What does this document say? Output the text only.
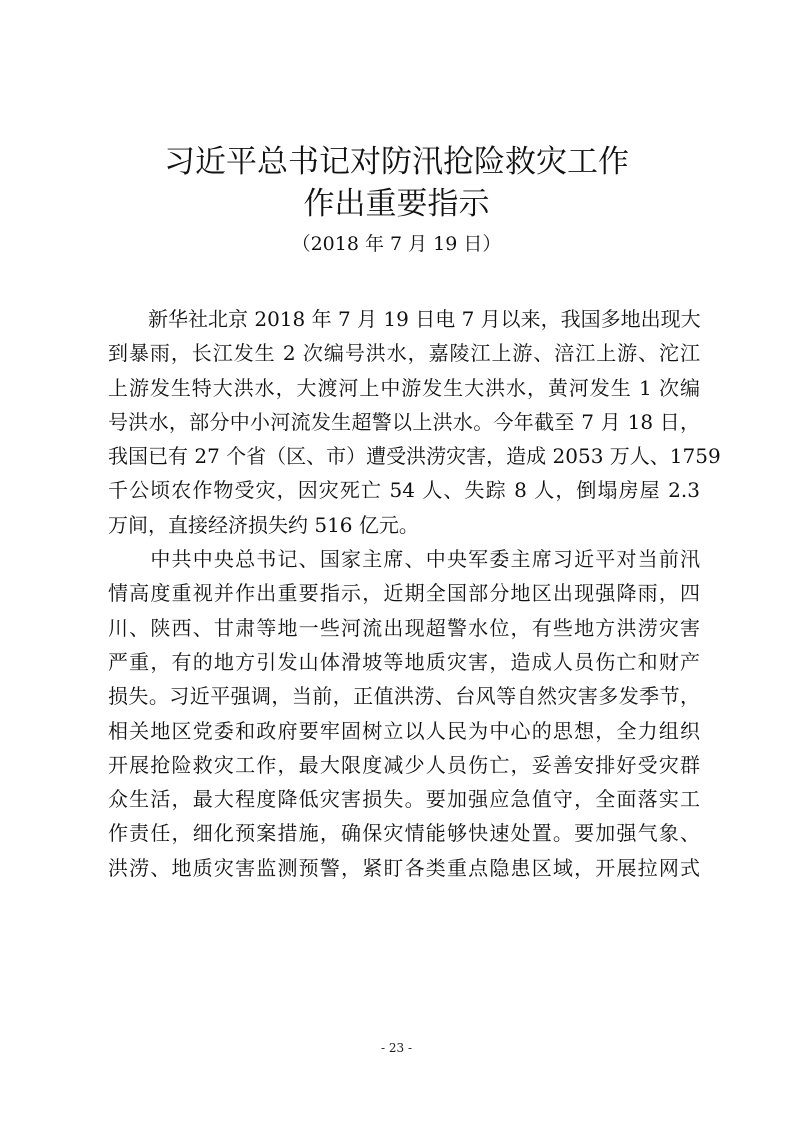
习近平总书记对防汛抢险救灾工作
作出重要指示
（2018 年 7 月 19 日）
　　新华社北京 2018 年 7 月 19 日电 7 月以来，我国多地出现大
到暴雨，长江发生 2 次编号洪水，嘉陵江上游、涪江上游、沱江
上游发生特大洪水，大渡河上中游发生大洪水，黄河发生 1 次编
号洪水，部分中小河流发生超警以上洪水。今年截至 7 月 18 日，
我国已有 27 个省（区、市）遭受洪涝灾害，造成 2053 万人、1759
千公顷农作物受灾，因灾死亡 54 人、失踪 8 人，倒塌房屋 2.3
万间，直接经济损失约 516 亿元。
　　中共中央总书记、国家主席、中央军委主席习近平对当前汛
情高度重视并作出重要指示，近期全国部分地区出现强降雨，四
川、陕西、甘肃等地一些河流出现超警水位，有些地方洪涝灾害
严重，有的地方引发山体滑坡等地质灾害，造成人员伤亡和财产
损失。习近平强调，当前，正值洪涝、台风等自然灾害多发季节，
相关地区党委和政府要牢固树立以人民为中心的思想，全力组织
开展抢险救灾工作，最大限度减少人员伤亡，妥善安排好受灾群
众生活，最大程度降低灾害损失。要加强应急值守，全面落实工
作责任，细化预案措施，确保灾情能够快速处置。要加强气象、
洪涝、地质灾害监测预警，紧盯各类重点隐患区域，开展拉网式
- 23 -
